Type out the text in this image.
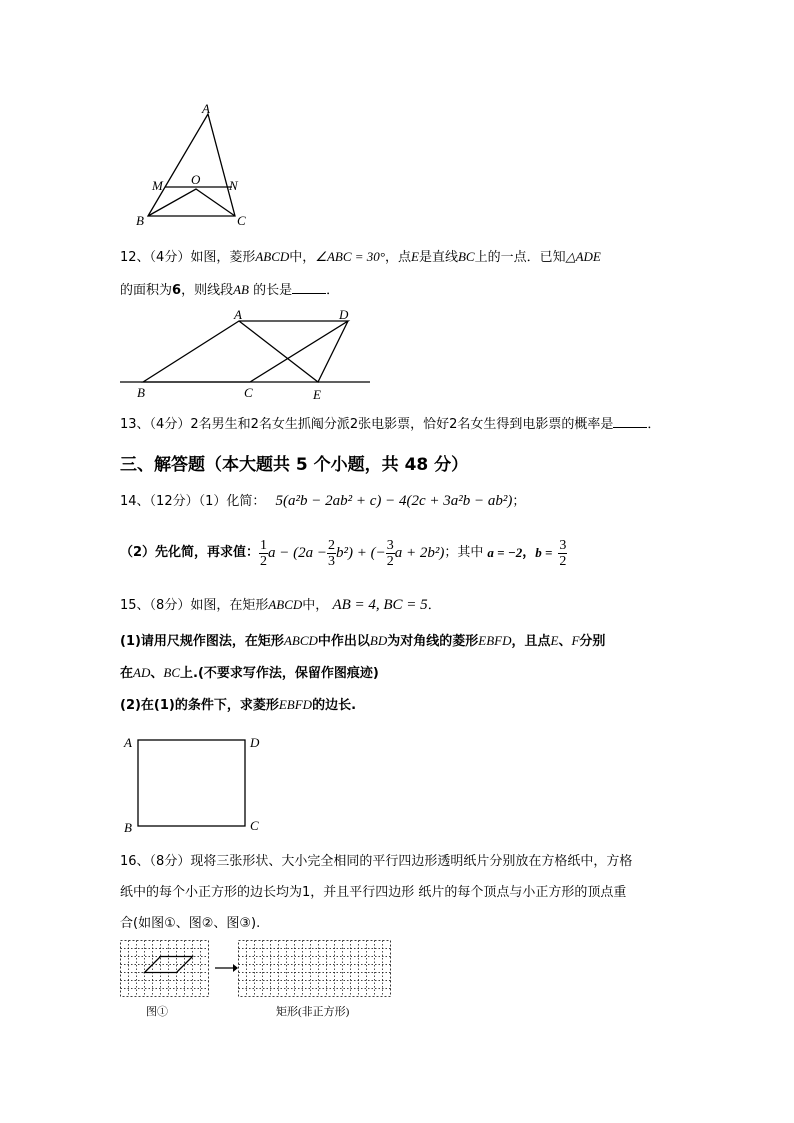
A
M O N
B	C
12、（4分）如图，菱形ABCD中，∠ABC = 30°，点E是直线BC上的一点．已知△ADE
的面积为6，则线段AB 的长是	．
A	D
B	C	E
13、（4分）2名男生和2名女生抓阄分派2张电影票，恰好2名女生得到电影票的概率是	．
三、解答题（本大题共 5 个小题，共 48 分）
14、（12分）（1）化简： 5(a²b − 2ab² + c) − 4(2c + 3a²b − ab²)；
（2）先化简，再求值： $\frac{1}{2}$ $a - (2a - \frac{2}{3} b^2)$ + (− $\frac{3}{2}$ a + 2b²) ；其中 a = −2 ， $b = \frac{3}{2}$
15、（8分）如图，在矩形ABCD中， AB = 4, BC = 5．
(1)请用尺规作图法，在矩形ABCD中作出以BD为对角线的菱形EBFD，且点E、F分别
在AD、BC上.(不要求写作法，保留作图痕迹)
(2)在(1)的条件下，求菱形EBFD的边长.
A	D
B	C
16、（8分）现将三张形状、大小完全相同的平行四边形透明纸片分别放在方格纸中，方格
纸中的每个小正方形的边长均为1，并且平行四边形 纸片的每个顶点与小正方形的顶点重
合(如图①、图②、图③).
图①	矩形(非正方形)
